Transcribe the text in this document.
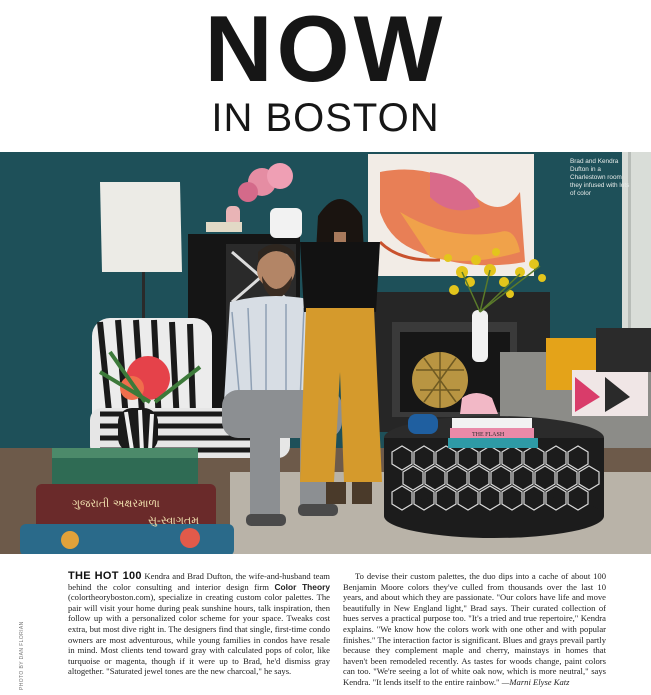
NOW
IN BOSTON
THE FLASH
ગુજરાતી અક્ષરમાળા
સુ-સ્વાગતમ
Brad and Kendra Dufton in a Charlestown room they infused with lots of color
PHOTO BY DAN FLORIAN
THE HOT 100 Kendra and Brad Dufton, the wife-and-husband team behind the color consulting and interior design firm Color Theory (colortheoryboston.com), specialize in creating custom color palettes. The pair will visit your home during peak sunshine hours, talk inspiration, then follow up with a personalized color scheme for your space. Tweaks cost extra, but most dive right in. The designers find that single, first-time condo owners are most adventurous, while young families in condos have resale in mind. Most clients tend toward gray with calculated pops of color, like turquoise or magenta, though if it were up to Brad, he'd dismiss gray altogether. "Saturated jewel tones are the new charcoal," he says.
To devise their custom palettes, the duo dips into a cache of about 100 Benjamin Moore colors they've culled from thousands over the last 10 years, and about which they are passionate. "Our colors have life and move beautifully in New England light," Brad says. Their curated collection of hues serves a practical purpose too. "It's a tried and true repertoire," Kendra explains. "We know how the colors work with one other and with popular finishes." The interaction factor is significant. Blues and grays prevail partly because they complement maple and cherry, mainstays in homes that haven't been remodeled recently. As tastes for woods change, paint colors can too. "We're seeing a lot of white oak now, which is more neutral," says Kendra. "It lends itself to the entire rainbow." —Marni Elyse Katz
